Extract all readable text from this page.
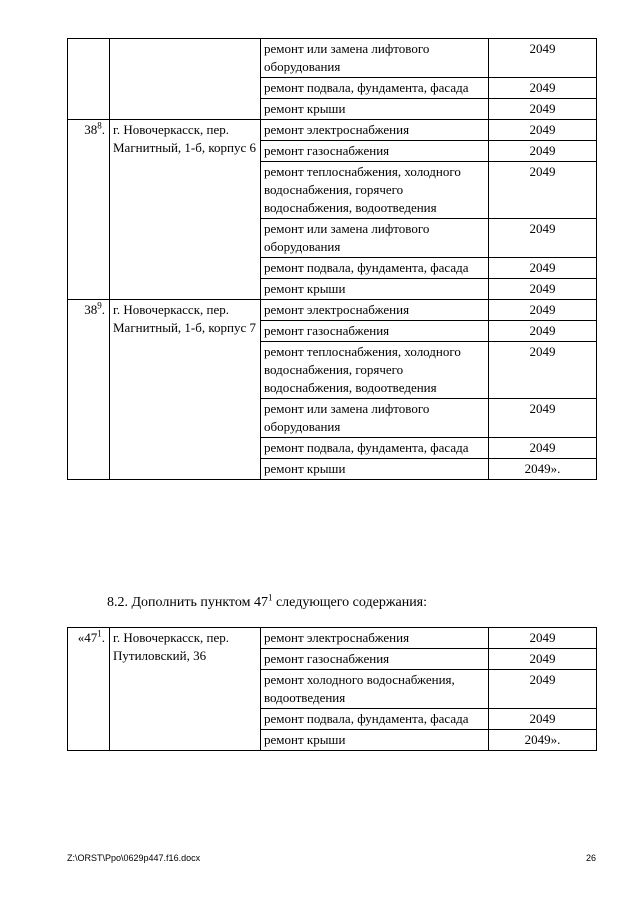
		ремонт или замена лифтового оборудования	2049
		ремонт подвала, фундамента, фасада	2049
		ремонт крыши	2049
$38^8$.	г. Новочеркасск, пер. Магнитный, 1-б, корпус 6	ремонт электроснабжения	2049
		ремонт газоснабжения	2049
		ремонт теплоснабжения, холодного водоснабжения, горячего водоснабжения, водоотведения	2049
		ремонт или замена лифтового оборудования	2049
		ремонт подвала, фундамента, фасада	2049
		ремонт крыши	2049
$38^9$.	г. Новочеркасск, пер. Магнитный, 1-б, корпус 7	ремонт электроснабжения	2049
		ремонт газоснабжения	2049
		ремонт теплоснабжения, холодного водоснабжения, горячего водоснабжения, водоотведения	2049
		ремонт или замена лифтового оборудования	2049
		ремонт подвала, фундамента, фасада	2049
		ремонт крыши	2049».
8.2. Дополнить пунктом $47^1$ следующего содержания:
«$47^1$.	г. Новочеркасск, пер. Путиловский, 36	ремонт электроснабжения	2049
		ремонт газоснабжения	2049
		ремонт холодного водоснабжения, водоотведения	2049
		ремонт подвала, фундамента, фасада	2049
		ремонт крыши	2049».
Z:\ORST\Ppo\0629p447.f16.docx	26
